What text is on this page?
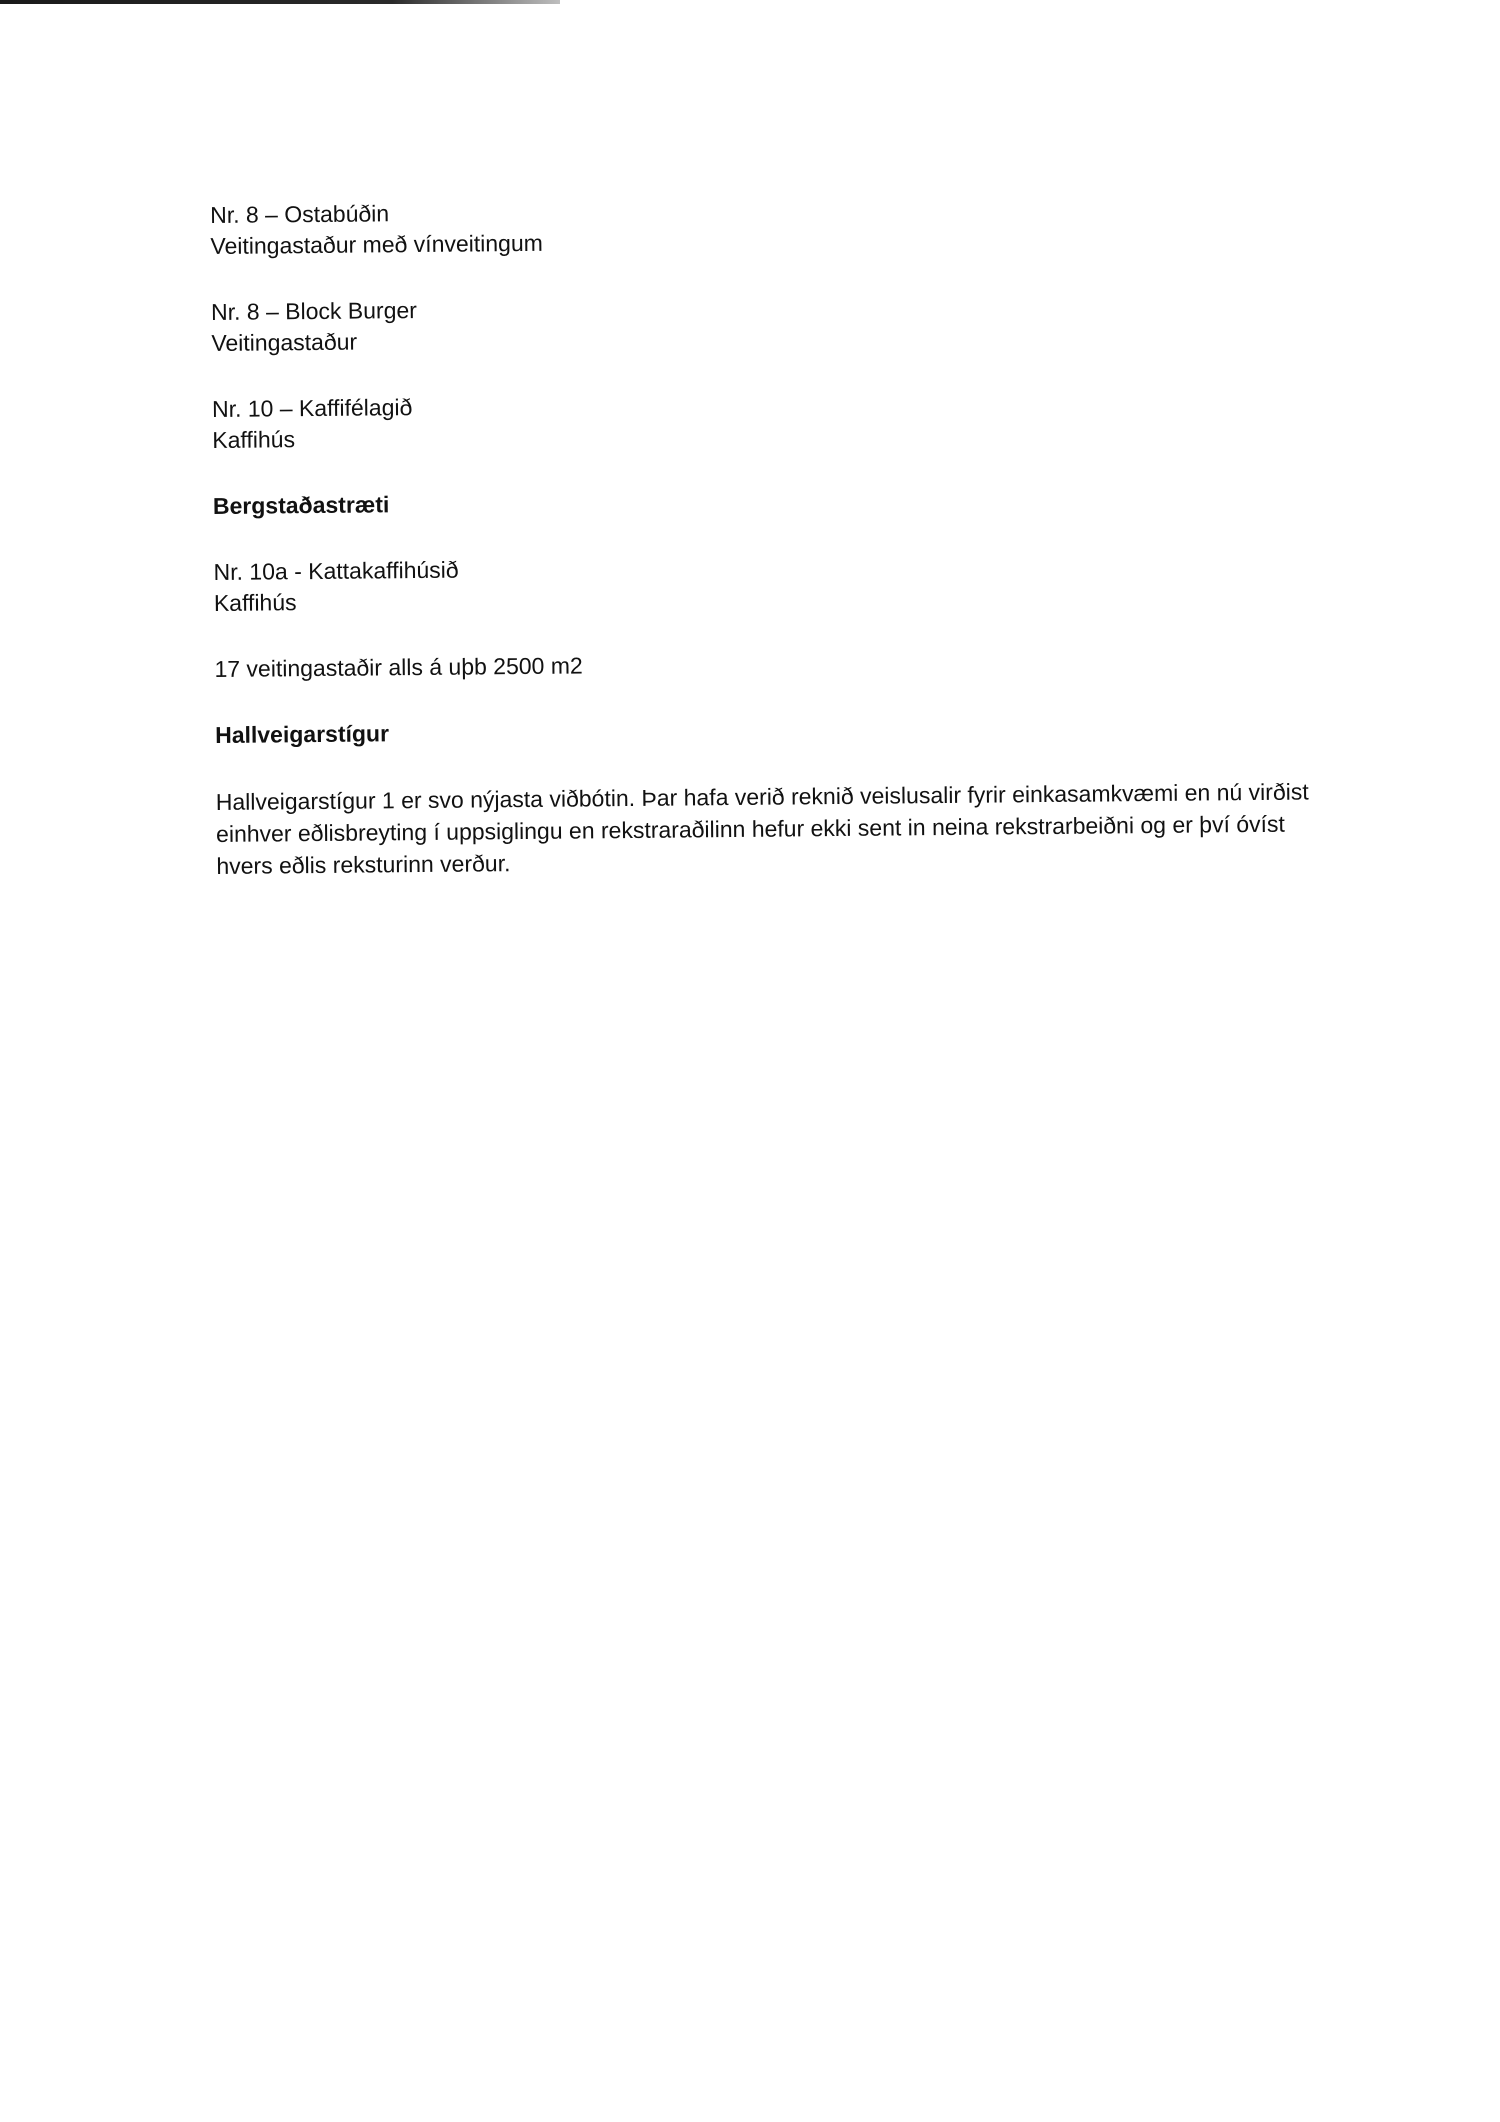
Nr. 8 – Ostabúðin
Veitingastaður með vínveitingum
Nr. 8 – Block Burger
Veitingastaður
Nr. 10 – Kaffifélagið
Kaffihús
Bergstaðastræti
Nr. 10a - Kattakaffihúsið
Kaffihús
17 veitingastaðir alls á uþb 2500 m2
Hallveigarstígur
Hallveigarstígur 1 er svo nýjasta viðbótin. Þar hafa verið reknið veislusalir fyrir einkasamkvæmi en nú virðist einhver eðlisbreyting í uppsiglingu en rekstraraðilinn hefur ekki sent in neina rekstrarbeiðni og er því óvíst hvers eðlis reksturinn verður.
